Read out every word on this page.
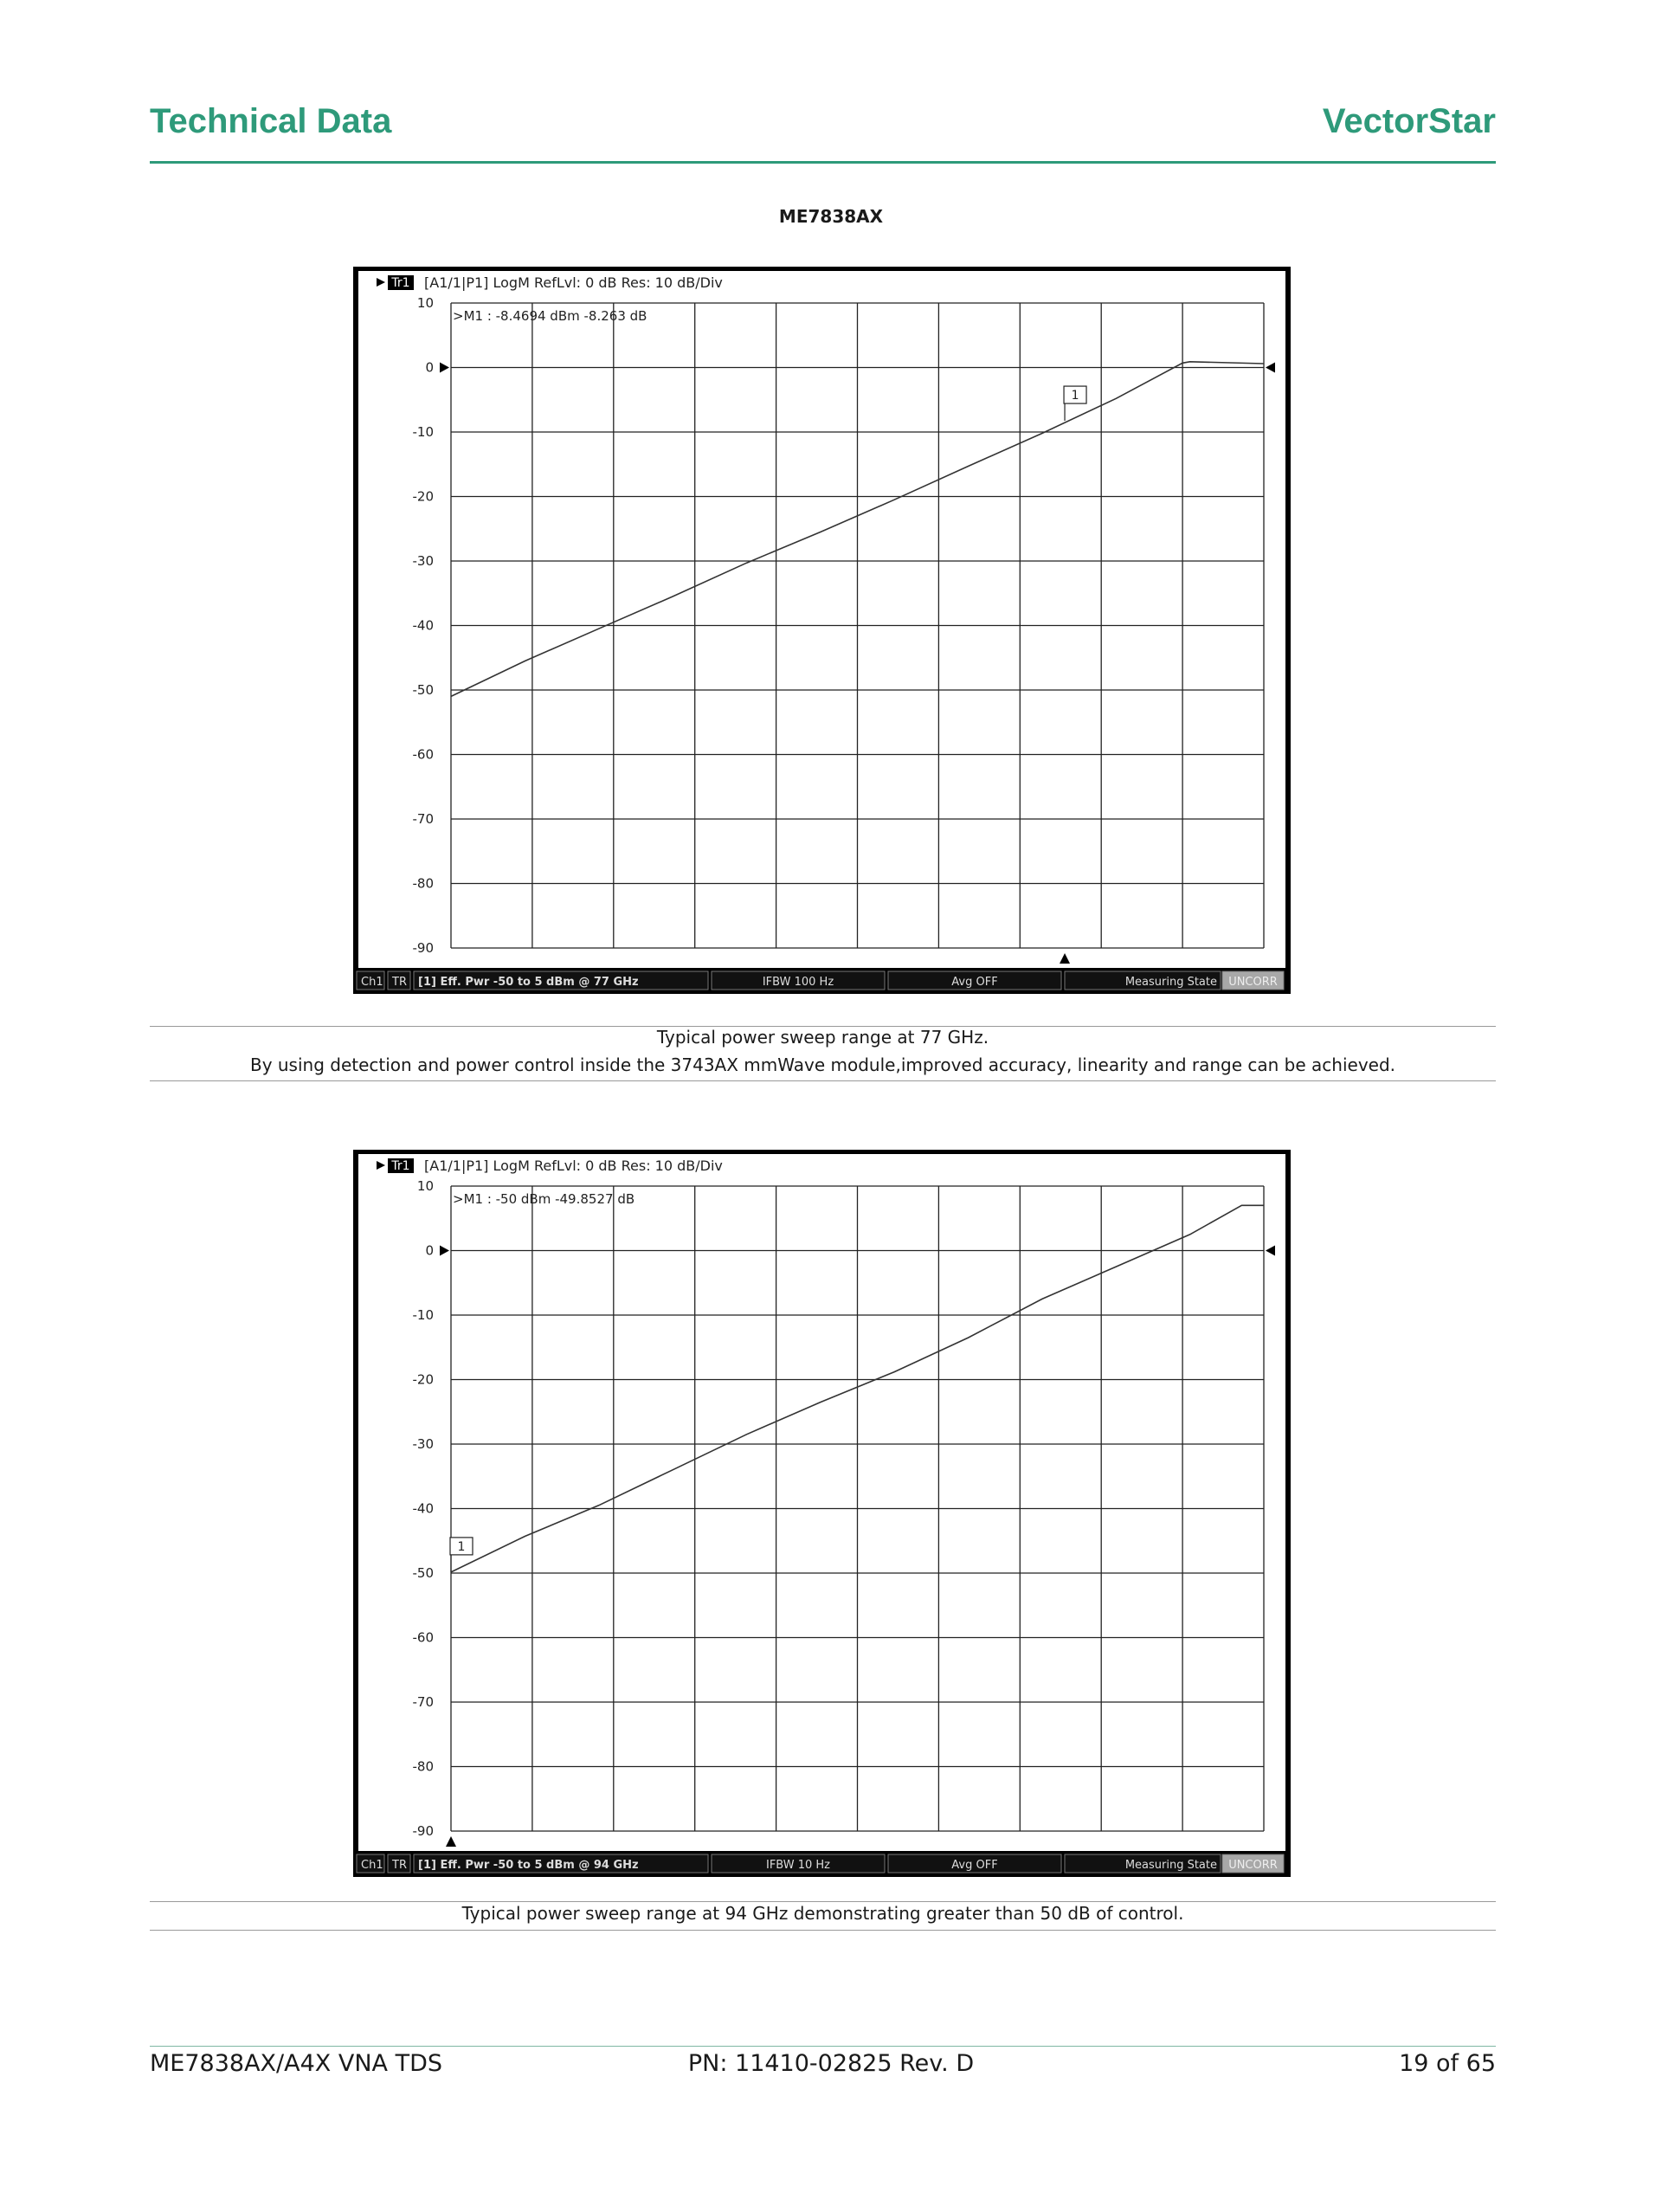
Technical Data	VectorStar
ME7838AX
Tr1 [A1/1|P1] LogM RefLvl: 0 dB Res: 10 dB/Div
10
0
-10
-20
-30
-40
-50
-60
-70
-80
-90
>M1 : -8.4694 dBm -8.263 dB
1
Ch1 TR [1] Eff. Pwr -50 to 5 dBm @ 77 GHz	IFBW 100 Hz	Avg OFF	Measuring State UNCORR
Typical power sweep range at 77 GHz.
By using detection and power control inside the 3743AX mmWave module,improved accuracy, linearity and range can be achieved.
Tr1 [A1/1|P1] LogM RefLvl: 0 dB Res: 10 dB/Div
10
0
-10
-20
-30
-40
-50
-60
-70
-80
-90
>M1 : -50 dBm -49.8527 dB
1
Ch1 TR [1] Eff. Pwr -50 to 5 dBm @ 94 GHz	IFBW 10 Hz	Avg OFF	Measuring State UNCORR
Typical power sweep range at 94 GHz demonstrating greater than 50 dB of control.
ME7838AX/A4X VNA TDS	PN: 11410-02825 Rev. D	19 of 65
